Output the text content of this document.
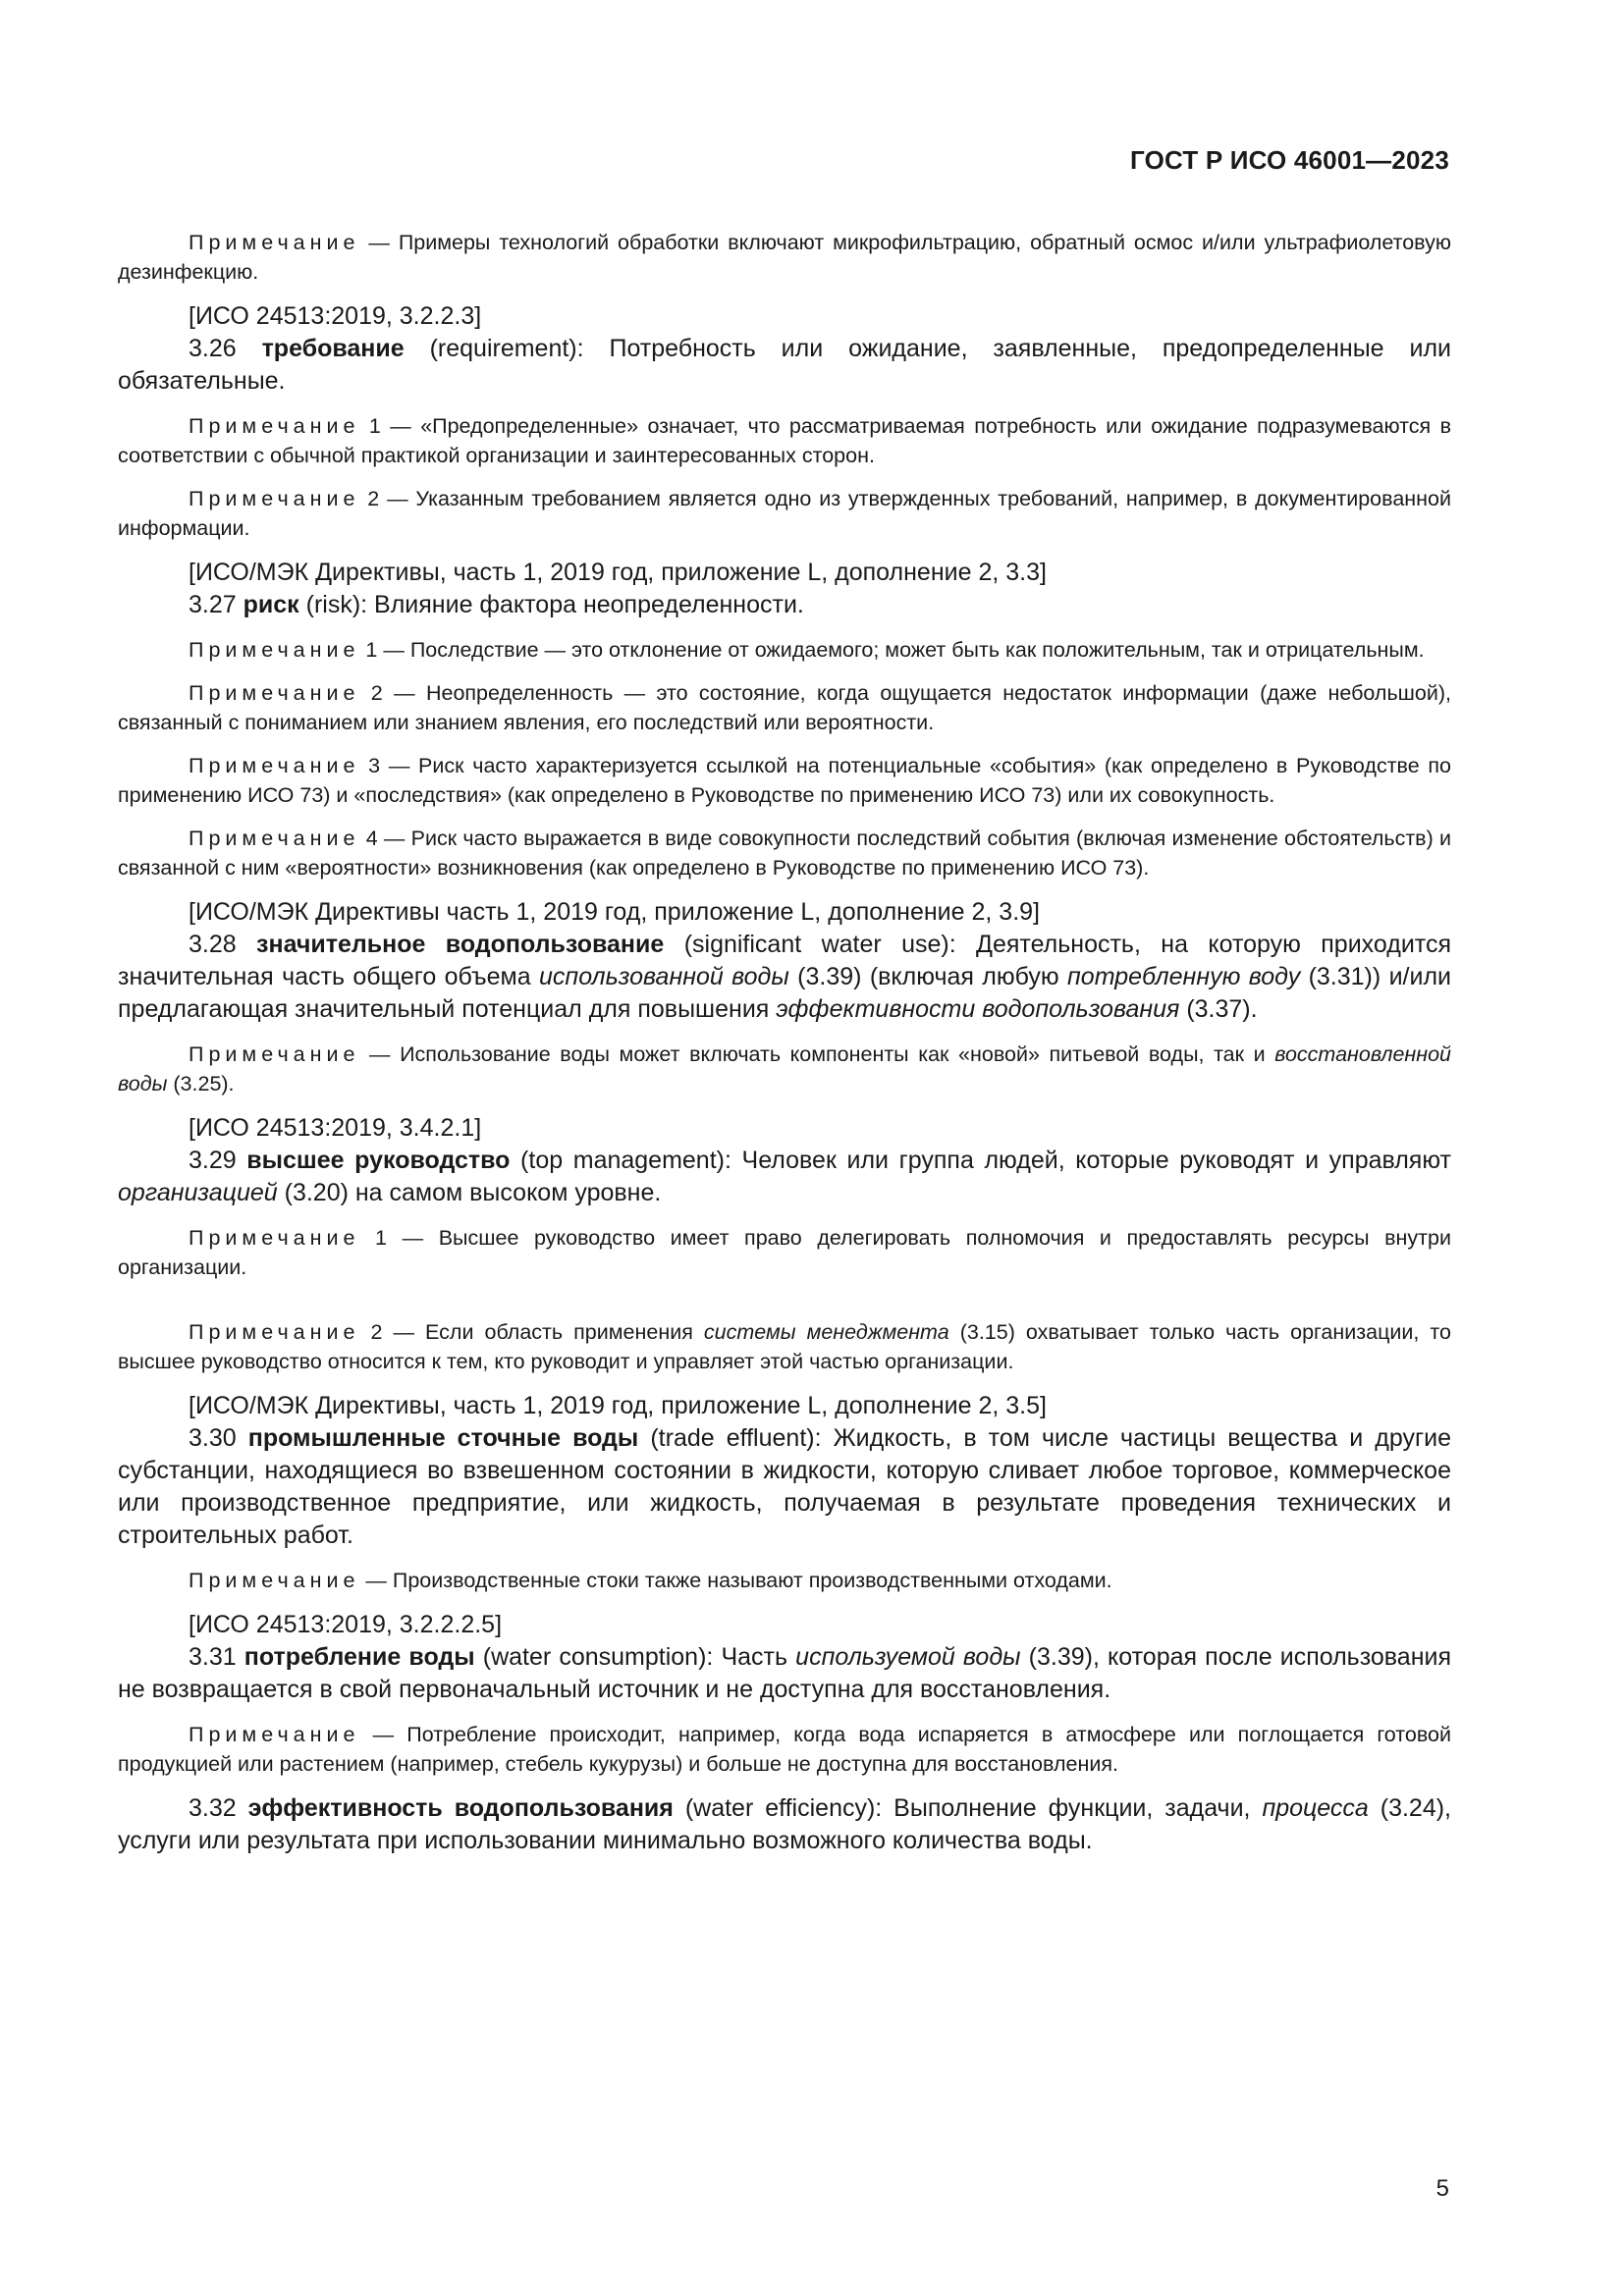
ГОСТ Р ИСО 46001—2023

Примечание — Примеры технологий обработки включают микрофильтрацию, обратный осмос и/или ультрафиолетовую дезинфекцию.

[ИСО 24513:2019, 3.2.2.3]

3.26 требование (requirement): Потребность или ожидание, заявленные, предопределенные или обязательные.

Примечание 1 — «Предопределенные» означает, что рассматриваемая потребность или ожидание подразумеваются в соответствии с обычной практикой организации и заинтересованных сторон.

Примечание 2 — Указанным требованием является одно из утвержденных требований, например, в документированной информации.

[ИСО/МЭК Директивы, часть 1, 2019 год, приложение L, дополнение 2, 3.3]

3.27 риск (risk): Влияние фактора неопределенности.

Примечание 1 — Последствие — это отклонение от ожидаемого; может быть как положительным, так и отрицательным.

Примечание 2 — Неопределенность — это состояние, когда ощущается недостаток информации (даже небольшой), связанный с пониманием или знанием явления, его последствий или вероятности.

Примечание 3 — Риск часто характеризуется ссылкой на потенциальные «события» (как определено в Руководстве по применению ИСО 73) и «последствия» (как определено в Руководстве по применению ИСО 73) или их совокупность.

Примечание 4 — Риск часто выражается в виде совокупности последствий события (включая изменение обстоятельств) и связанной с ним «вероятности» возникновения (как определено в Руководстве по применению ИСО 73).

[ИСО/МЭК Директивы часть 1, 2019 год, приложение L, дополнение 2, 3.9]

3.28 значительное водопользование (significant water use): Деятельность, на которую приходится значительная часть общего объема использованной воды (3.39) (включая любую потребленную воду (3.31)) и/или предлагающая значительный потенциал для повышения эффективности водопользования (3.37).

Примечание — Использование воды может включать компоненты как «новой» питьевой воды, так и восстановленной воды (3.25).

[ИСО 24513:2019, 3.4.2.1]

3.29 высшее руководство (top management): Человек или группа людей, которые руководят и управляют организацией (3.20) на самом высоком уровне.

Примечание 1 — Высшее руководство имеет право делегировать полномочия и предоставлять ресурсы внутри организации.

Примечание 2 — Если область применения системы менеджмента (3.15) охватывает только часть организации, то высшее руководство относится к тем, кто руководит и управляет этой частью организации.

[ИСО/МЭК Директивы, часть 1, 2019 год, приложение L, дополнение 2, 3.5]

3.30 промышленные сточные воды (trade effluent): Жидкость, в том числе частицы вещества и другие субстанции, находящиеся во взвешенном состоянии в жидкости, которую сливает любое торговое, коммерческое или производственное предприятие, или жидкость, получаемая в результате проведения технических и строительных работ.

Примечание — Производственные стоки также называют производственными отходами.

[ИСО 24513:2019, 3.2.2.2.5]

3.31 потребление воды (water consumption): Часть используемой воды (3.39), которая после использования не возвращается в свой первоначальный источник и не доступна для восстановления.

Примечание — Потребление происходит, например, когда вода испаряется в атмосфере или поглощается готовой продукцией или растением (например, стебель кукурузы) и больше не доступна для восстановления.

3.32 эффективность водопользования (water efficiency): Выполнение функции, задачи, процесса (3.24), услуги или результата при использовании минимально возможного количества воды.

5
